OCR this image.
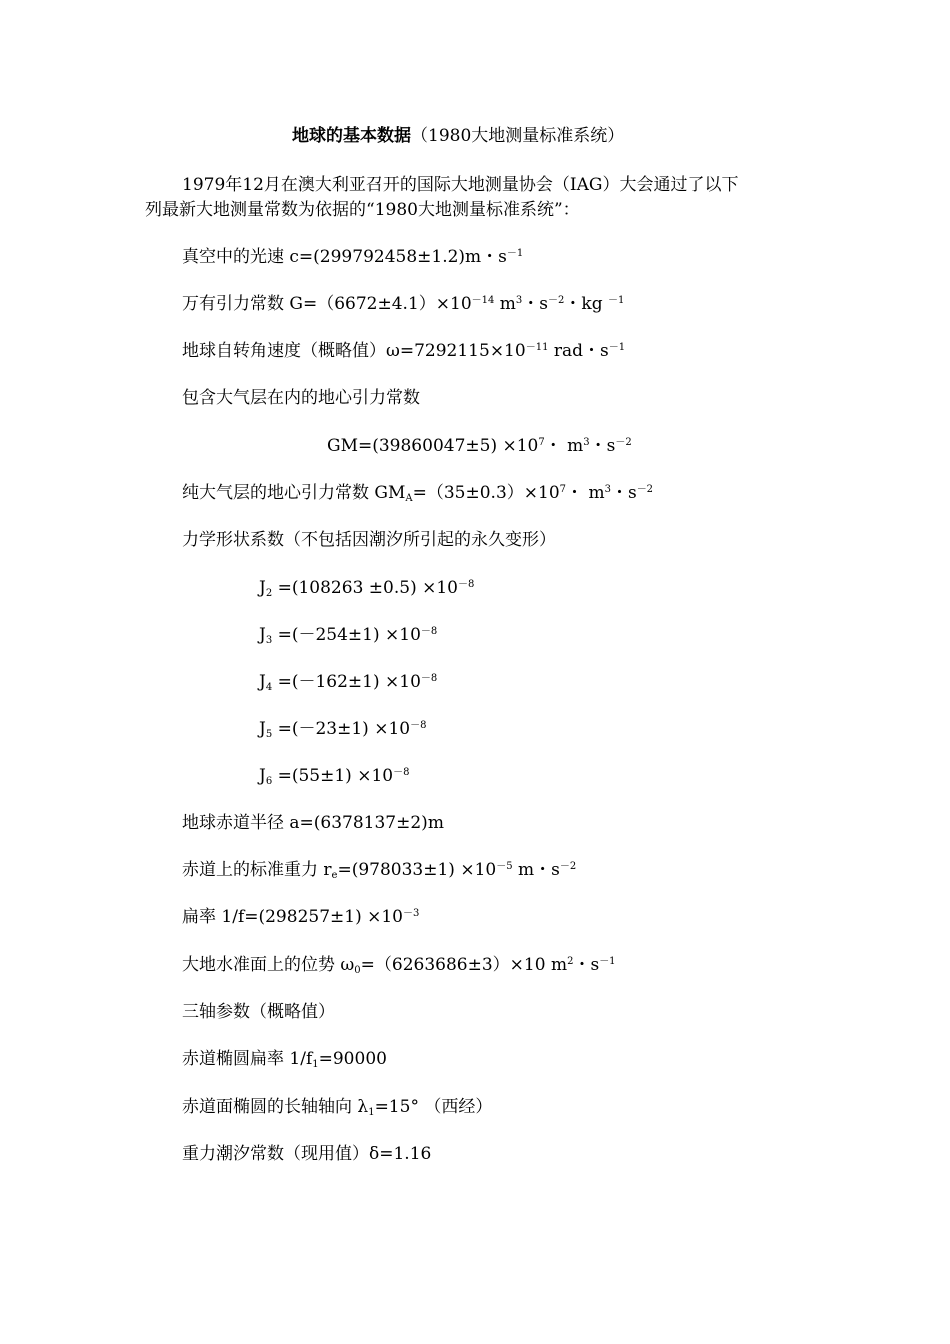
地球的基本数据（1980大地测量标准系统）
1979年12月在澳大利亚召开的国际大地测量协会（IAG）大会通过了以下
列最新大地测量常数为依据的“1980大地测量标准系统”：
真空中的光速 c=(299792458±1.2)m・$s^{-1}$
万有引力常数 $G=(6672\pm 4.1)\times 10^{-14}$ $m^3$・$s^{-2}$・kg $^{-1}$
地球自转角速度（概略值）$\omega=7292115\times 10^{-11}$ rad・$s^{-1}$
包含大气层在内的地心引力常数
$GM=(39860047\pm 5) \times 10^7$・ $m^3$・$s^{-2}$
纯大气层的地心引力常数 $GM_A=(35\pm 0.3)\times 10^7$・ $m^3$・$s^{-2}$
力学形状系数（不包括因潮汐所引起的永久变形）
$J_2 =(108263 \pm 0.5) \times 10^{-8}$
$J_3 =(-254\pm 1) \times 10^{-8}$
$J_4 =(-162\pm 1) \times 10^{-8}$
$J_5 =(-23\pm 1) \times 10^{-8}$
$J_6 =(55\pm 1) \times 10^{-8}$
地球赤道半径 a=(6378137±2)m
赤道上的标准重力 $r_e=(978033\pm 1) \times 10^{-5}$ m・$s^{-2}$
扁率 $1/f=(298257\pm 1) \times 10^{-3}$
大地水准面上的位势 $\omega_0=(6263686\pm 3)\times 10$ $m^2$・$s^{-1}$
三轴参数（概略值）
赤道椭圆扁率 $1/f_1=90000$
赤道面椭圆的长轴轴向 $\lambda_1=15^\circ$ （西经）
重力潮汐常数（现用值）δ=1.16
